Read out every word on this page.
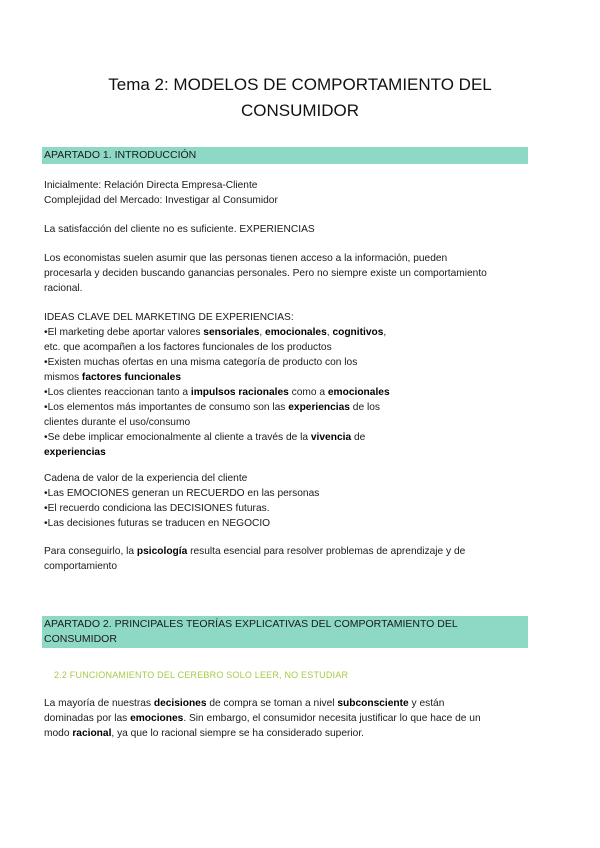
Tema 2: MODELOS DE COMPORTAMIENTO DEL
CONSUMIDOR
APARTADO 1. INTRODUCCIÓN
Inicialmente: Relación Directa Empresa-Cliente
Complejidad del Mercado: Investigar al Consumidor
La satisfacción del cliente no es suficiente. EXPERIENCIAS
Los economistas suelen asumir que las personas tienen acceso a la información, pueden
procesarla y deciden buscando ganancias personales. Pero no siempre existe un comportamiento
racional.
IDEAS CLAVE DEL MARKETING DE EXPERIENCIAS:
•El marketing debe aportar valores sensoriales, emocionales, cognitivos,
etc. que acompañen a los factores funcionales de los productos
•Existen muchas ofertas en una misma categoría de producto con los
mismos factores funcionales
•Los clientes reaccionan tanto a impulsos racionales como a emocionales
•Los elementos más importantes de consumo son las experiencias de los
clientes durante el uso/consumo
•Se debe implicar emocionalmente al cliente a través de la vivencia de
experiencias
Cadena de valor de la experiencia del cliente
•Las EMOCIONES generan un RECUERDO en las personas
•El recuerdo condiciona las DECISIONES futuras.
•Las decisiones futuras se traducen en NEGOCIO
Para conseguirlo, la psicología resulta esencial para resolver problemas de aprendizaje y de
comportamiento
APARTADO 2. PRINCIPALES TEORÍAS EXPLICATIVAS DEL COMPORTAMIENTO DEL
CONSUMIDOR
2.2 FUNCIONAMIENTO DEL CEREBRO SOLO LEER, NO ESTUDIAR
La mayoría de nuestras decisiones de compra se toman a nivel subconsciente y están
dominadas por las emociones. Sin embargo, el consumidor necesita justificar lo que hace de un
modo racional, ya que lo racional siempre se ha considerado superior.
